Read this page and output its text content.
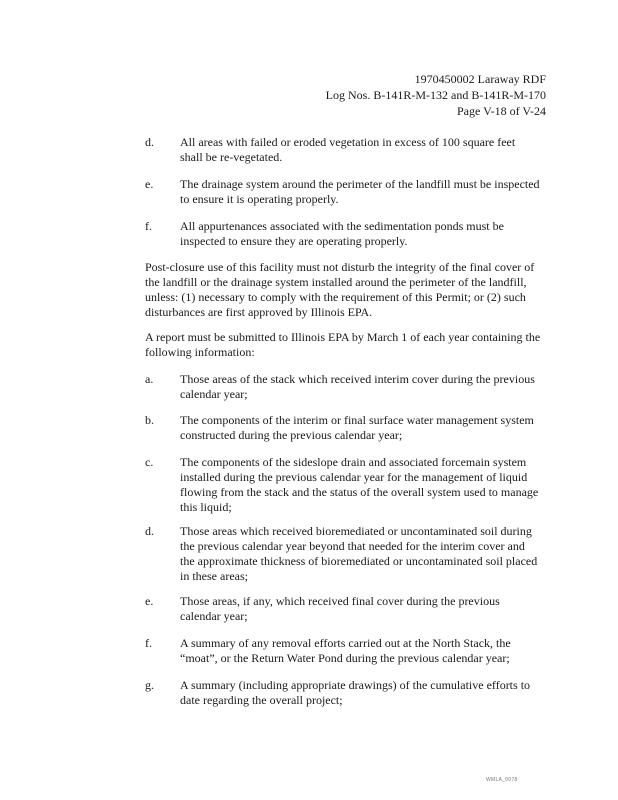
1970450002 Laraway RDF
Log Nos. B-141R-M-132 and B-141R-M-170
Page V-18 of V-24
d.	All areas with failed or eroded vegetation in excess of 100 square feet shall be re-vegetated.
e.	The drainage system around the perimeter of the landfill must be inspected to ensure it is operating properly.
f.	All appurtenances associated with the sedimentation ponds must be inspected to ensure they are operating properly.
Post-closure use of this facility must not disturb the integrity of the final cover of the landfill or the drainage system installed around the perimeter of the landfill, unless: (1) necessary to comply with the requirement of this Permit; or (2) such disturbances are first approved by Illinois EPA.
A report must be submitted to Illinois EPA by March 1 of each year containing the following information:
a.	Those areas of the stack which received interim cover during the previous calendar year;
b.	The components of the interim or final surface water management system constructed during the previous calendar year;
c.	The components of the sideslope drain and associated forcemain system installed during the previous calendar year for the management of liquid flowing from the stack and the status of the overall system used to manage this liquid;
d.	Those areas which received bioremediated or uncontaminated soil during the previous calendar year beyond that needed for the interim cover and the approximate thickness of bioremediated or uncontaminated soil placed in these areas;
e.	Those areas, if any, which received final cover during the previous calendar year;
f.	A summary of any removal efforts carried out at the North Stack, the “moat”, or the Return Water Pond during the previous calendar year;
g.	A summary (including appropriate drawings) of the cumulative efforts to date regarding the overall project;
WMLA_0078
